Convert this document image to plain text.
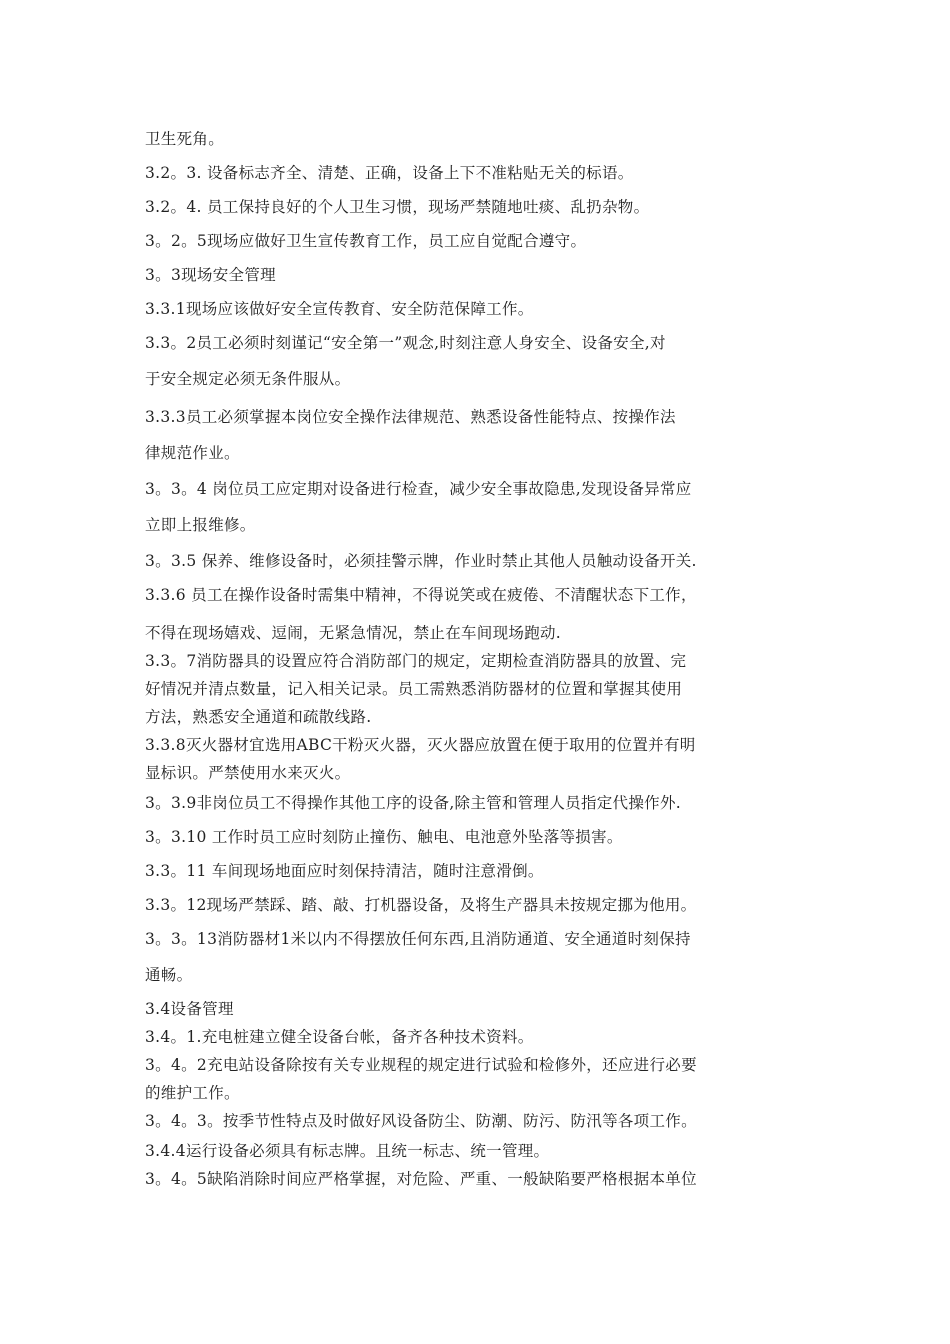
卫生死角。
3.2。3. 设备标志齐全、清楚、正确，设备上下不准粘贴无关的标语。
3.2。4. 员工保持良好的个人卫生习惯，现场严禁随地吐痰、乱扔杂物。
3。2。5现场应做好卫生宣传教育工作，员工应自觉配合遵守。
3。3现场安全管理
3.3.1现场应该做好安全宣传教育、安全防范保障工作。
3.3。2员工必须时刻谨记“安全第一”观念,时刻注意人身安全、设备安全,对
于安全规定必须无条件服从。
3.3.3员工必须掌握本岗位安全操作法律规范、熟悉设备性能特点、按操作法
律规范作业。
3。3。4 岗位员工应定期对设备进行检查，减少安全事故隐患,发现设备异常应
立即上报维修。
3。3.5 保养、维修设备时，必须挂警示牌，作业时禁止其他人员触动设备开关.
3.3.6 员工在操作设备时需集中精神，不得说笑或在疲倦、不清醒状态下工作，
不得在现场嬉戏、逗闹，无紧急情况，禁止在车间现场跑动.
3.3。7消防器具的设置应符合消防部门的规定，定期检查消防器具的放置、完
好情况并清点数量，记入相关记录。员工需熟悉消防器材的位置和掌握其使用
方法，熟悉安全通道和疏散线路.
3.3.8灭火器材宜选用ABC干粉灭火器，灭火器应放置在便于取用的位置并有明
显标识。严禁使用水来灭火。
3。3.9非岗位员工不得操作其他工序的设备,除主管和管理人员指定代操作外.
3。3.10 工作时员工应时刻防止撞伤、触电、电池意外坠落等损害。
3.3。11 车间现场地面应时刻保持清洁，随时注意滑倒。
3.3。12现场严禁踩、踏、敲、打机器设备，及将生产器具未按规定挪为他用。
3。3。13消防器材1米以内不得摆放任何东西,且消防通道、安全通道时刻保持
通畅。
3.4设备管理
3.4。1.充电桩建立健全设备台帐，备齐各种技术资料。
3。4。2充电站设备除按有关专业规程的规定进行试验和检修外，还应进行必要
的维护工作。
3。4。3。按季节性特点及时做好风设备防尘、防潮、防污、防汛等各项工作。
3.4.4运行设备必须具有标志牌。且统一标志、统一管理。
3。4。5缺陷消除时间应严格掌握，对危险、严重、一般缺陷要严格根据本单位
